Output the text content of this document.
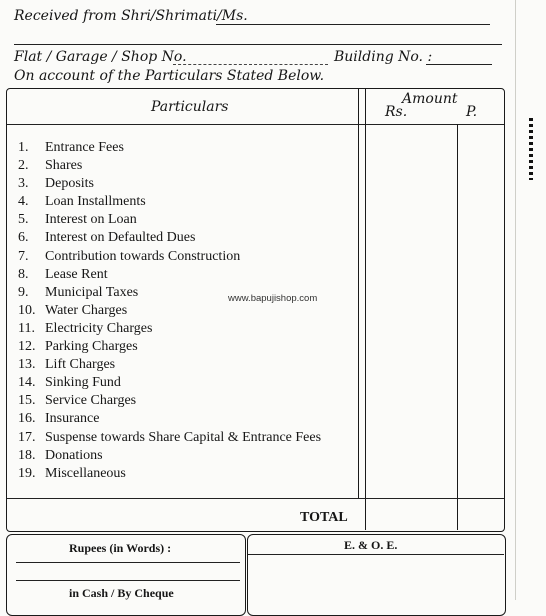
Received from Shri/Shrimati/Ms.
Flat / Garage / Shop No.	Building No. :
On account of the Particulars Stated Below.
Particulars	Amount
Rs.	P.
1. Entrance Fees
2. Shares
3. Deposits
4. Loan Installments
5. Interest on Loan
6. Interest on Defaulted Dues
7. Contribution towards Construction
8. Lease Rent
9. Municipal Taxes
10. Water Charges
11. Electricity Charges
12. Parking Charges
13. Lift Charges
14. Sinking Fund
15. Service Charges
16. Insurance
17. Suspense towards Share Capital & Entrance Fees
18. Donations
19. Miscellaneous
www.bapujishop.com
TOTAL
Rupees (in Words) :
in Cash / By Cheque
E. & O. E.
